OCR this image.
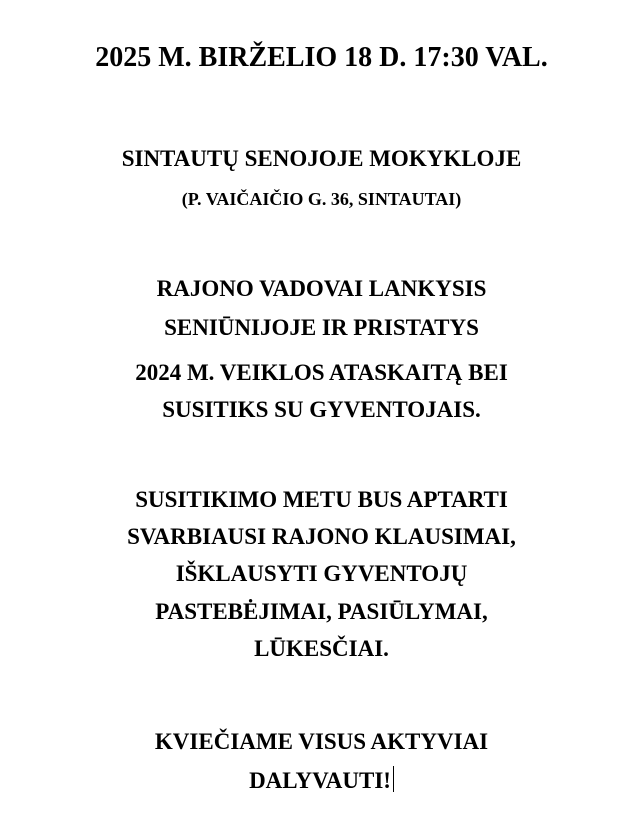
2025 M. BIRŽELIO 18 D. 17:30 VAL.
SINTAUTŲ SENOJOJE MOKYKLOJE
(P. VAIČAIČIO G. 36, SINTAUTAI)
RAJONO VADOVAI LANKYSIS
SENIŪNIJOJE IR PRISTATYS
2024 M. VEIKLOS ATASKAITĄ BEI
SUSITIKS SU GYVENTOJAIS.
SUSITIKIMO METU BUS APTARTI
SVARBIAUSI RAJONO KLAUSIMAI,
IŠKLAUSYTI GYVENTOJŲ
PASTEBĖJIMAI, PASIŪLYMAI,
LŪKESČIAI.
KVIEČIAME VISUS AKTYVIAI
DALYVAUTI!
